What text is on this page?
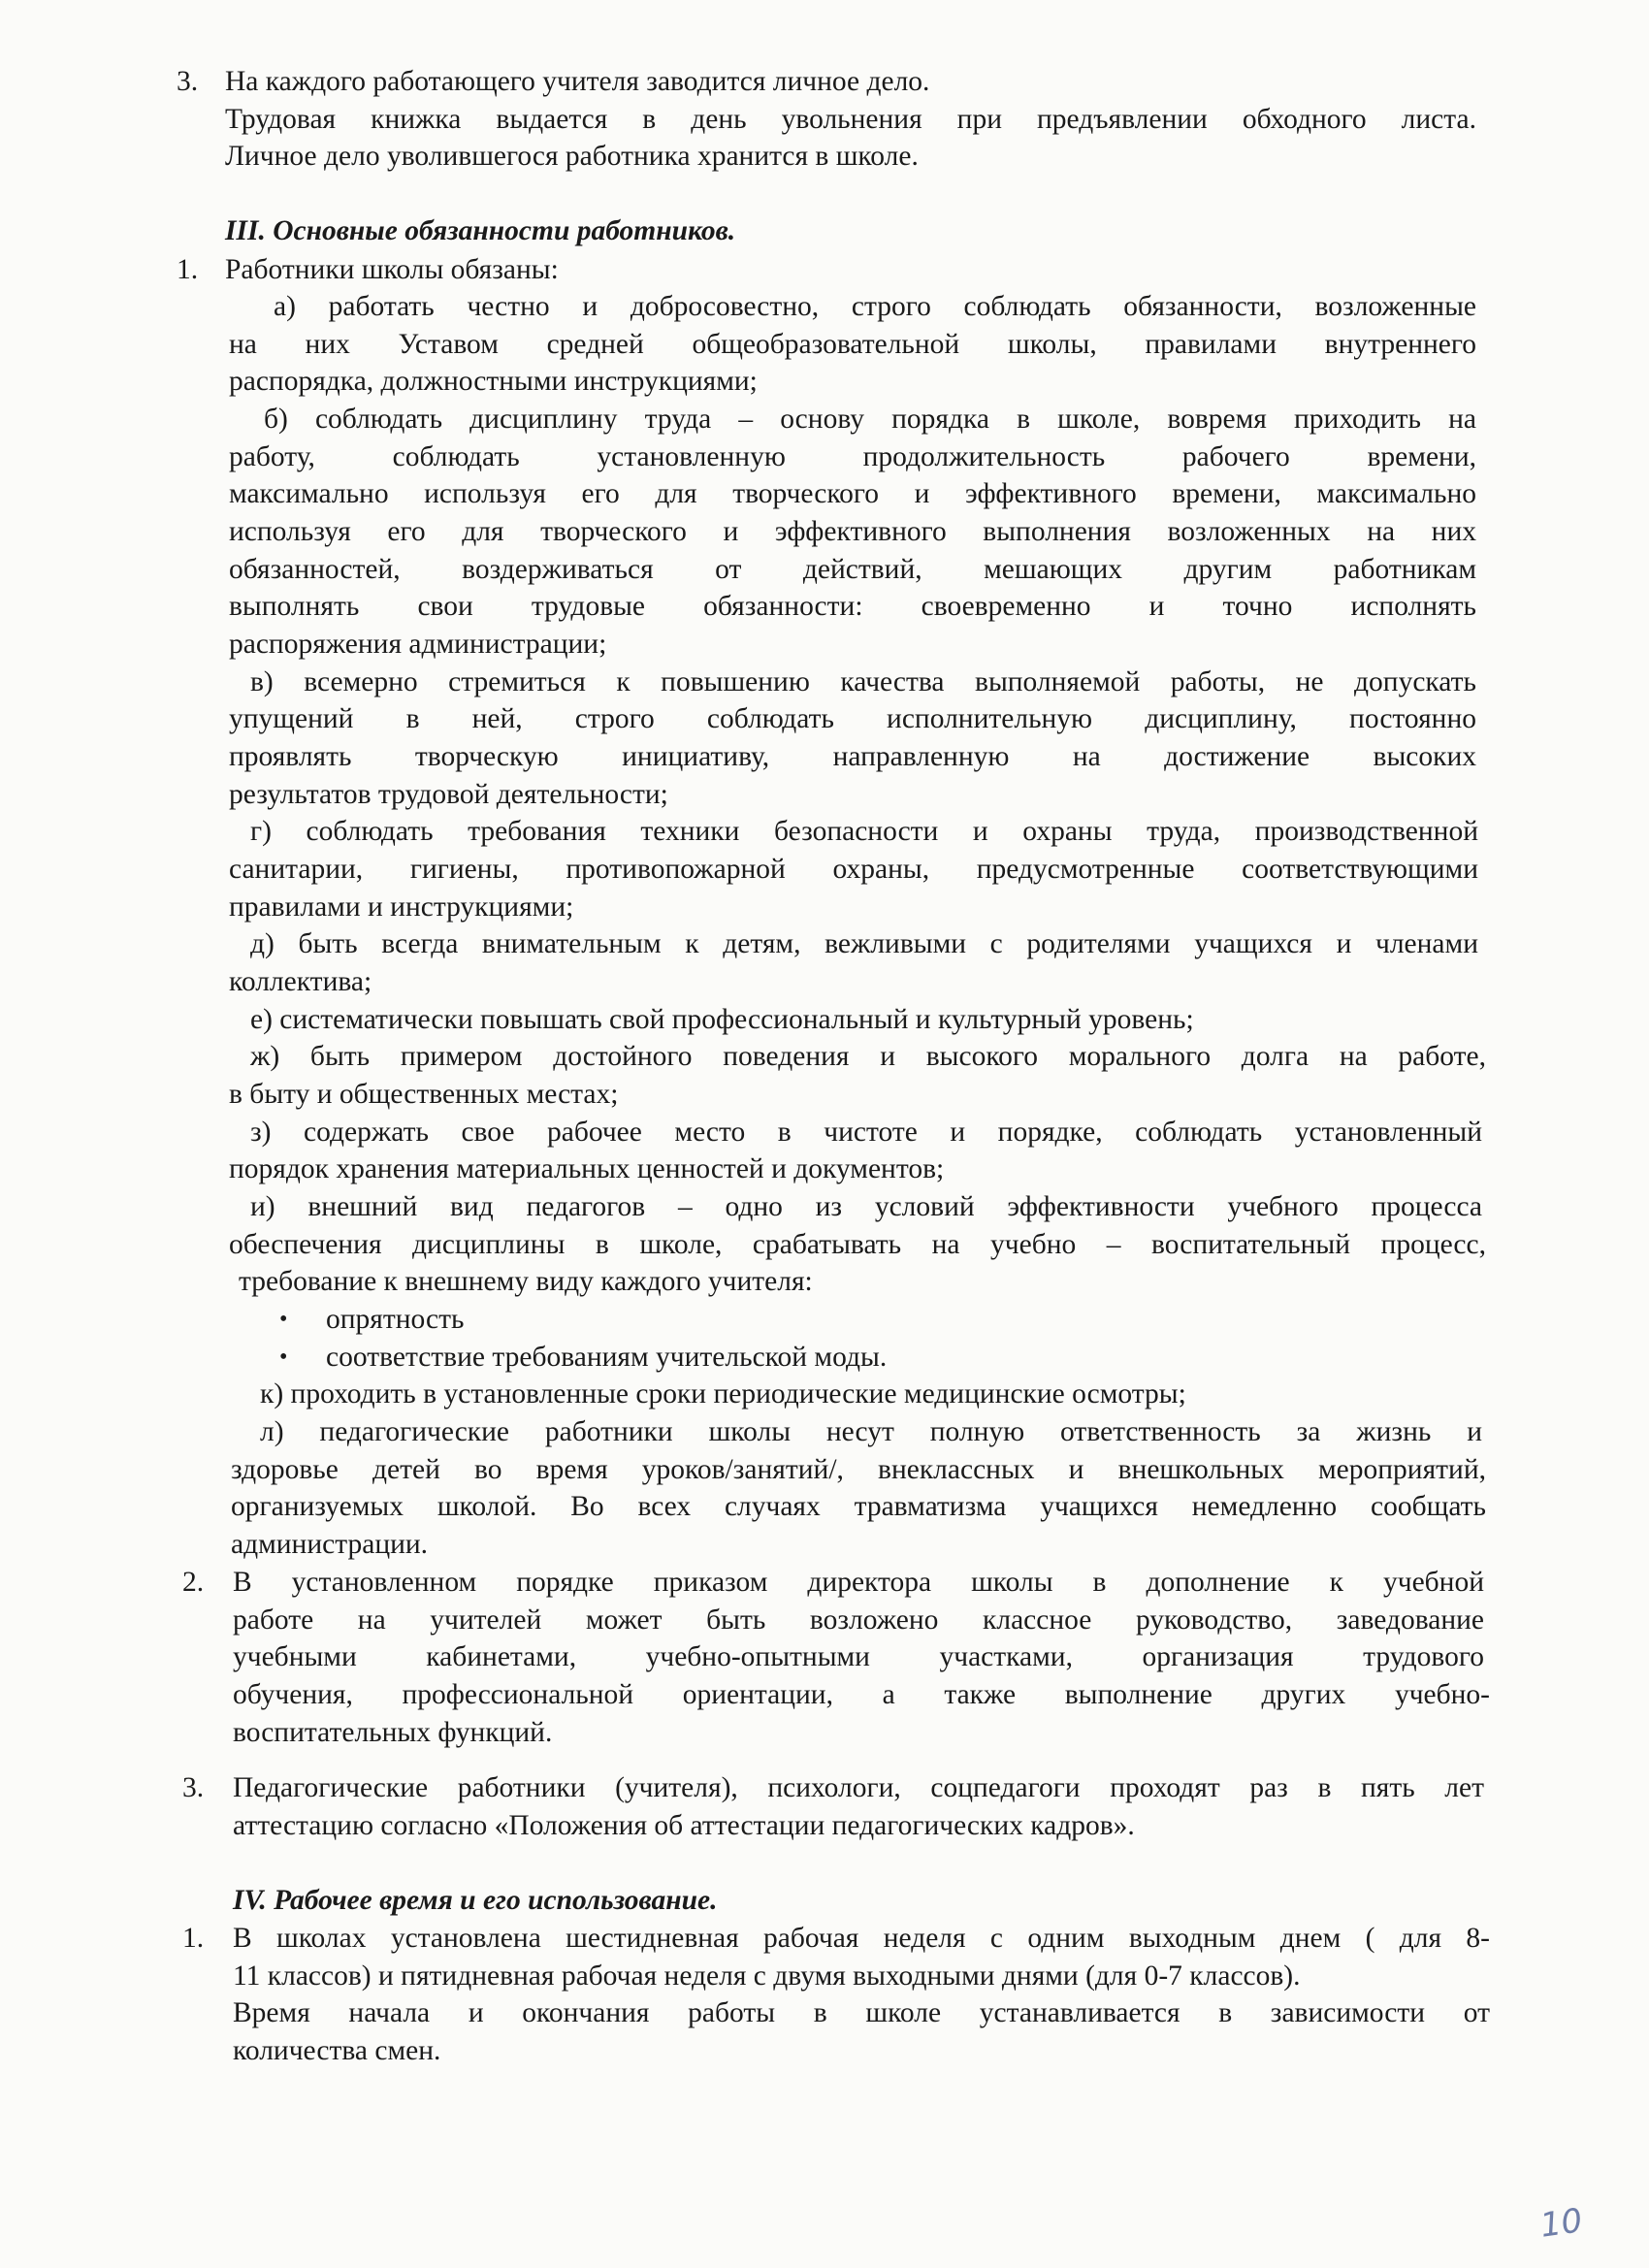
3. На каждого работающего учителя заводится личное дело.
Трудовая книжка выдается в день увольнения при предъявлении обходного листа.
Личное дело уволившегося работника хранится в школе.
III. Основные обязанности работников.
1. Работники школы обязаны:
а) работать честно и добросовестно, строго соблюдать обязанности, возложенные
на них Уставом средней общеобразовательной школы, правилами внутреннего
распорядка, должностными инструкциями;
б) соблюдать дисциплину труда – основу порядка в школе, вовремя приходить на
работу, соблюдать установленную продолжительность рабочего времени,
максимально используя его для творческого и эффективного времени, максимально
используя его для творческого и эффективного выполнения возложенных на них
обязанностей, воздерживаться от действий, мешающих другим работникам
выполнять свои трудовые обязанности: своевременно и точно исполнять
распоряжения администрации;
в) всемерно стремиться к повышению качества выполняемой работы, не допускать
упущений в ней, строго соблюдать исполнительную дисциплину, постоянно
проявлять творческую инициативу, направленную на достижение высоких
результатов трудовой деятельности;
г) соблюдать требования техники безопасности и охраны труда, производственной
санитарии, гигиены, противопожарной охраны, предусмотренные соответствующими
правилами и инструкциями;
д) быть всегда внимательным к детям, вежливыми с родителями учащихся и членами
коллектива;
е) систематически повышать свой профессиональный и культурный уровень;
ж) быть примером достойного поведения и высокого моральнoго долга на работе,
в быту и общественных местах;
з) содержать свое рабочее место в чистоте и порядке, соблюдать установленный
порядок хранения материальных ценностей и документов;
и) внешний вид педагогов – одно из условий эффективности учебного процесса
обеспечения дисциплины в школе, срабатывать на учебно – воспитательный процесс,
требование к внешнему виду каждого учителя:
• опрятность
• соответствие требованиям учительской моды.
к) проходить в установленные сроки периодические медицинские осмотры;
л) педагогические работники школы несут полную ответственность за жизнь и
здоровье детей во время уроков/занятий/, внеклассных и внешкольных мероприятий,
организуемых школой. Во всех случаях травматизма учащихся немедленно сообщать
администрации.
2. В установленном порядке приказом директора школы в дополнение к учебной
работе на учителей может быть возложено классное руководство, заведование
учебными кабинетами, учебно-опытными участками, организация трудового
обучения, профессиональной ориентации, а также выполнение других учебно-
воспитательных функций.
3. Педагогические работники (учителя), психологи, соцпедагоги проходят раз в пять лет
аттестацию согласно «Положения об аттестации педагогических кадров».
IV. Рабочее время и его использование.
1. В школах установлена шестидневная рабочая неделя с одним выходным днем ( для 8-
11 классов) и пятидневная рабочая неделя с двумя выходными днями (для 0-7 классов).
Время начала и окончания работы в школе устанавливается в зависимости от
количества смен.
10
